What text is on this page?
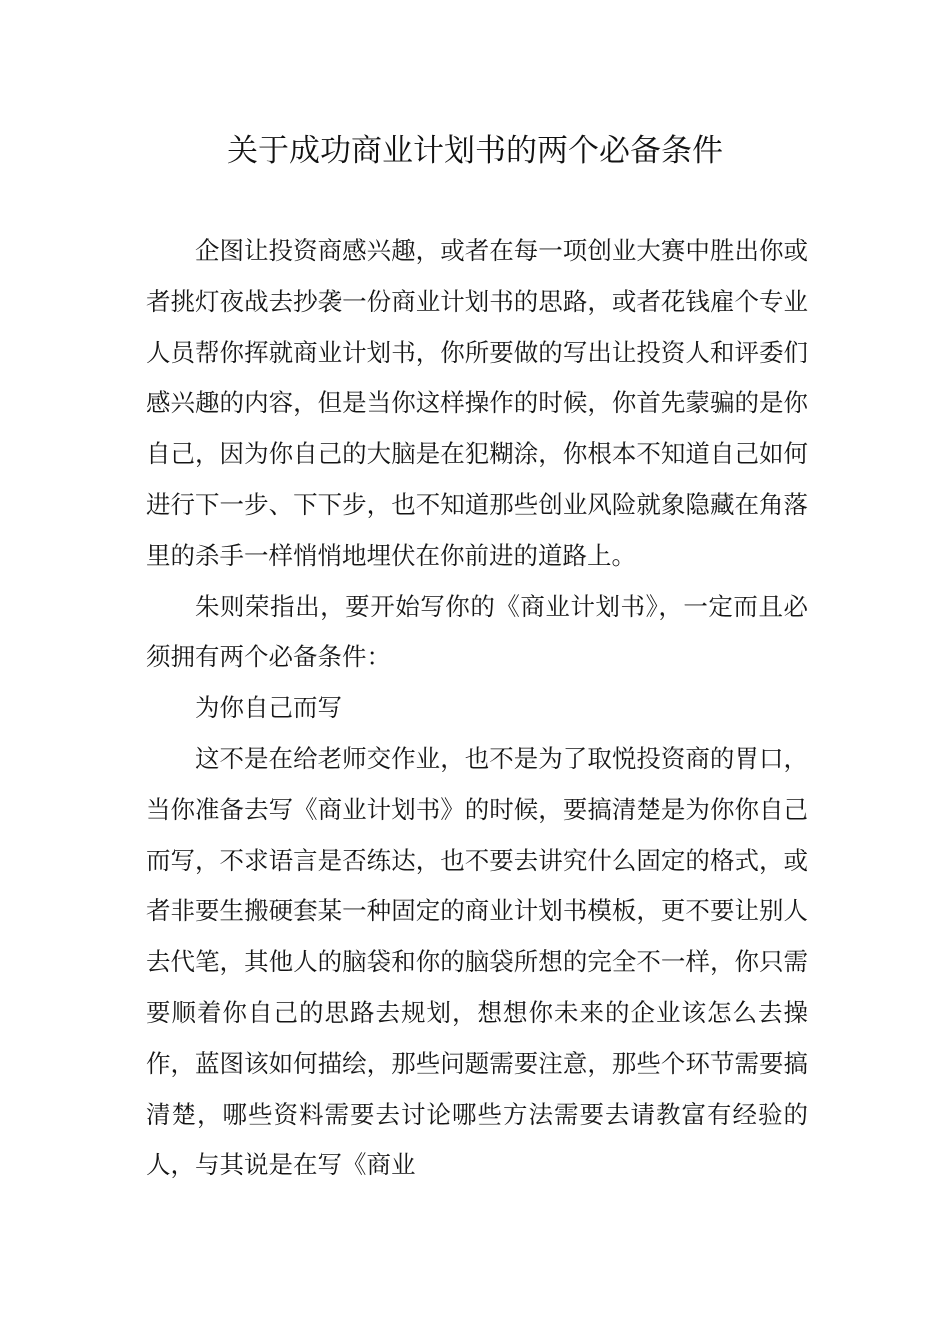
关于成功商业计划书的两个必备条件

企图让投资商感兴趣，或者在每一项创业大赛中胜出你或者挑灯夜战去抄袭一份商业计划书的思路，或者花钱雇个专业人员帮你挥就商业计划书，你所要做的写出让投资人和评委们感兴趣的内容，但是当你这样操作的时候，你首先蒙骗的是你自己，因为你自己的大脑是在犯糊涂，你根本不知道自己如何进行下一步、下下步，也不知道那些创业风险就象隐藏在角落里的杀手一样悄悄地埋伏在你前进的道路上。

朱则荣指出，要开始写你的《商业计划书》，一定而且必须拥有两个必备条件：

为你自己而写

这不是在给老师交作业，也不是为了取悦投资商的胃口，当你准备去写《商业计划书》的时候，要搞清楚是为你你自己而写，不求语言是否练达，也不要去讲究什么固定的格式，或者非要生搬硬套某一种固定的商业计划书模板，更不要让别人去代笔，其他人的脑袋和你的脑袋所想的完全不一样，你只需要顺着你自己的思路去规划，想想你未来的企业该怎么去操作，蓝图该如何描绘，那些问题需要注意，那些个环节需要搞清楚，哪些资料需要去讨论哪些方法需要去请教富有经验的人，与其说是在写《商业
